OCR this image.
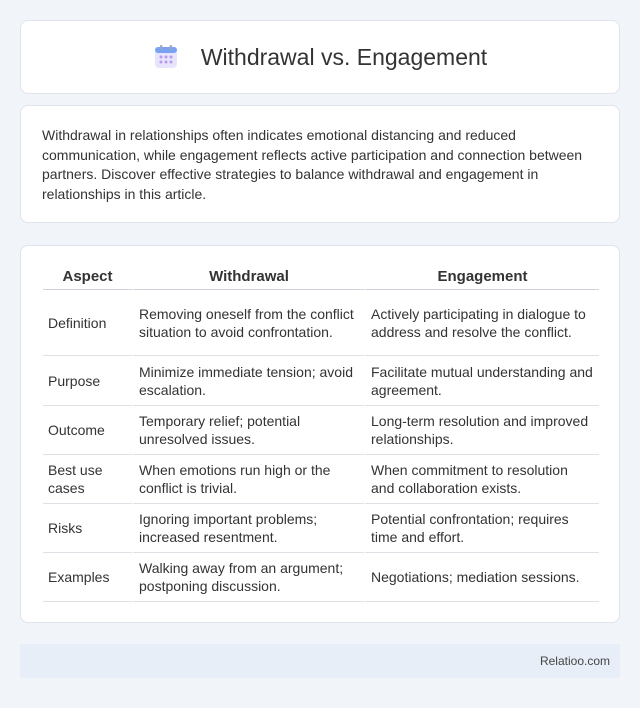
Withdrawal vs. Engagement

Withdrawal in relationships often indicates emotional distancing and reduced communication, while engagement reflects active participation and connection between partners. Discover effective strategies to balance withdrawal and engagement in relationships in this article.

Aspect	Withdrawal	Engagement
Definition	Removing oneself from the conflict situation to avoid confrontation.	Actively participating in dialogue to address and resolve the conflict.
Purpose	Minimize immediate tension; avoid escalation.	Facilitate mutual understanding and agreement.
Outcome	Temporary relief; potential unresolved issues.	Long-term resolution and improved relationships.
Best use cases	When emotions run high or the conflict is trivial.	When commitment to resolution and collaboration exists.
Risks	Ignoring important problems; increased resentment.	Potential confrontation; requires time and effort.
Examples	Walking away from an argument; postponing discussion.	Negotiations; mediation sessions.
Relatioo.com
